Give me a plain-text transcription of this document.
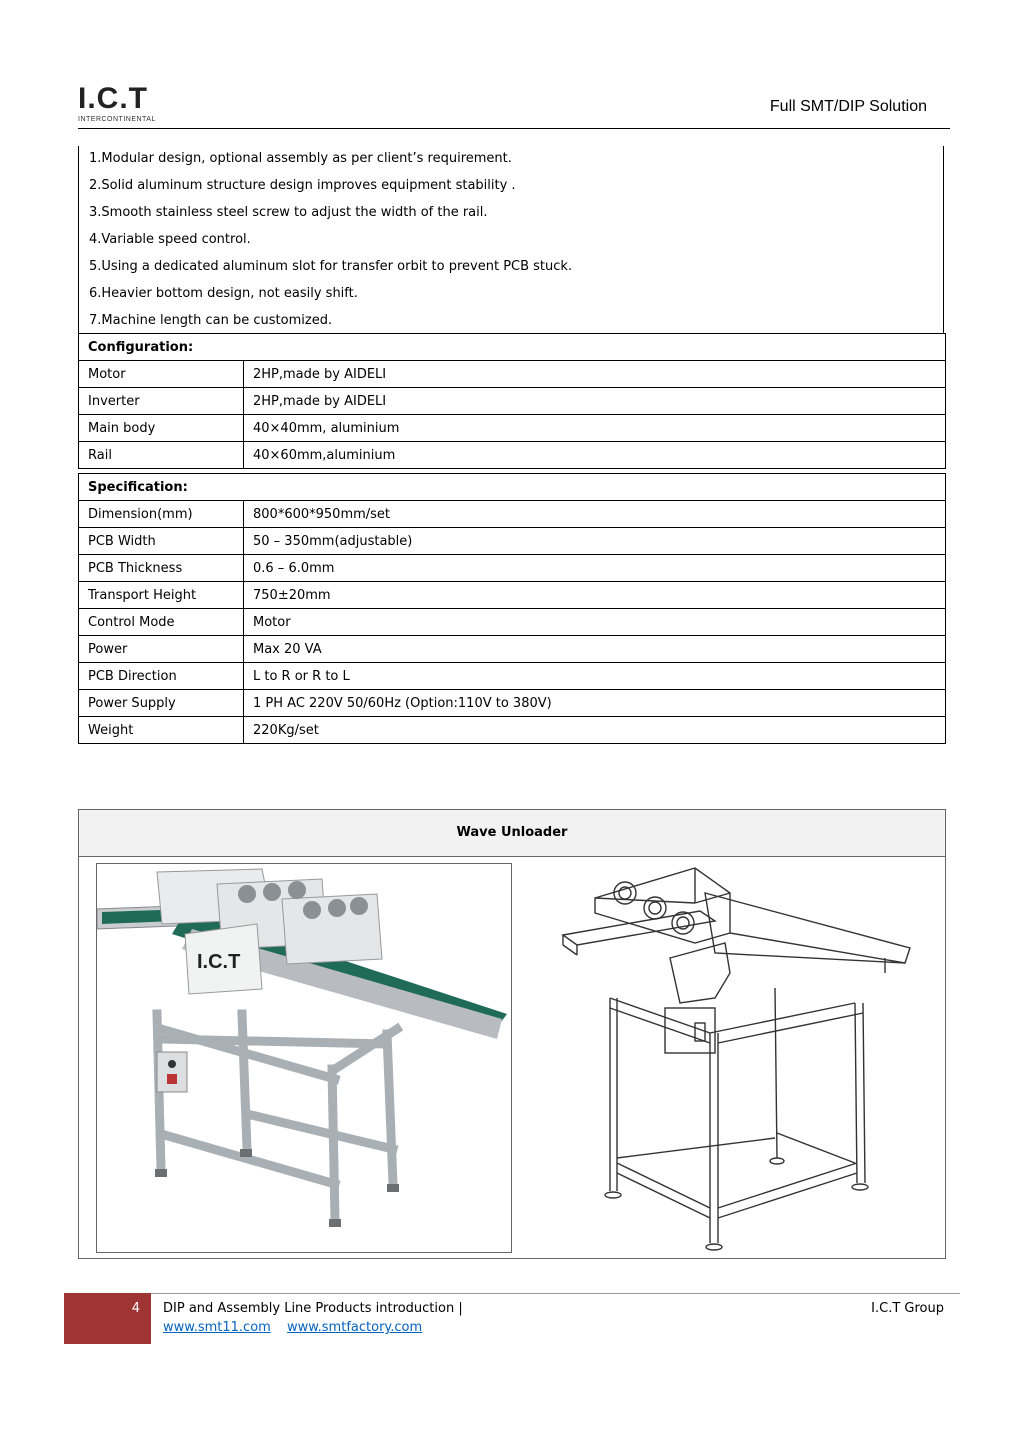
I.C.T
INTERCONTINENTAL
Full SMT/DIP Solution
1.Modular design, optional assembly as per client’s requirement.
2.Solid aluminum structure design improves equipment stability .
3.Smooth stainless steel screw to adjust the width of the rail.
4.Variable speed control.
5.Using a dedicated aluminum slot for transfer orbit to prevent PCB stuck.
6.Heavier bottom design, not easily shift.
7.Machine length can be customized.
Configuration:	
Motor	2HP,made by AIDELI
Inverter	2HP,made by AIDELI
Main body	40×40mm, aluminium
Rail	40×60mm,aluminium
Specification:	
Dimension(mm)	800*600*950mm/set
PCB Width	50 – 350mm(adjustable)
PCB Thickness	0.6 – 6.0mm
Transport Height	750±20mm
Control Mode	Motor
Power	Max 20 VA
PCB Direction	L to R or R to L
Power Supply	1 PH AC 220V 50/60Hz (Option:110V to 380V)
Weight	220Kg/set
Wave Unloader
I.C.T
4 DIP and Assembly Line Products introduction |	I.C.T Group
www.smt11.com www.smtfactory.com
